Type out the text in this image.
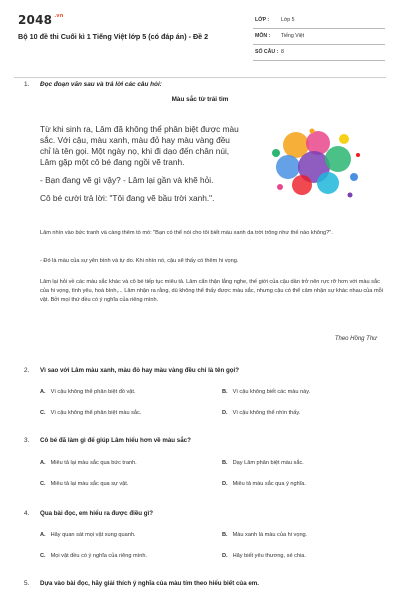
2048 $^{.vn}$
Bộ 10 đề thi Cuối kì 1 Tiếng Việt lớp 5 (có đáp án) - Đề 2
LỚP : Lớp 5
MÔN : Tiếng Việt
SỐ CÂU : 8
1. Đọc đoạn văn sau và trả lời các câu hỏi:
Màu sắc từ trái tim

Từ khi sinh ra, Lâm đã không thể phân biệt được màu sắc. Với cậu, màu xanh, màu đỏ hay màu vàng đều chỉ là tên gọi. Một ngày nọ, khi đi dạo đến chân núi, Lâm gặp một cô bé đang ngồi vẽ tranh.

- Bạn đang vẽ gì vậy? - Lâm lại gần và khẽ hỏi.

Cô bé cười trả lời: "Tôi đang vẽ bầu trời xanh.".

Lâm nhìn vào bức tranh và càng thêm tò mò: "Bạn có thể nói cho tôi biết màu xanh da trời trông như thế nào không?".
- Đó là màu của sự yên bình và tự do. Khi nhìn nó, cậu sẽ thấy có thêm hi vọng.
Lâm lại hỏi về các màu sắc khác và cô bé tiếp tục miêu tả. Lâm cẩn thận lắng nghe, thế giới của cậu dần trở nên rực rỡ hơn với màu sắc của hi vọng, tình yêu, hoà bình,... Lâm nhận ra rằng, dù không thể thấy được màu sắc, nhưng cậu có thể cảm nhận sự khác nhau của mỗi vật. Bởi mọi thứ đều có ý nghĩa của riêng mình.
Theo Hồng Thư
2. Vì sao với Lâm màu xanh, màu đỏ hay màu vàng đều chỉ là tên gọi?
A. Vì cậu không thể phân biệt đồ vật.	B. Vì cậu không biết các màu này.
C. Vì cậu không thể phân biệt màu sắc.	D. Vì cậu không thể nhìn thấy.
3. Cô bé đã làm gì để giúp Lâm hiểu hơn về màu sắc?
A. Miêu tả lại màu sắc qua bức tranh.	B. Dạy Lâm phân biệt màu sắc.
C. Miêu tả lại màu sắc qua sự vật.	D. Miêu tả màu sắc qua ý nghĩa.
4. Qua bài đọc, em hiểu ra được điều gì?
A. Hãy quan sát mọi vật xung quanh.	B. Màu xanh là màu của hi vọng.
C. Mọi vật đều có ý nghĩa của riêng mình.	D. Hãy biết yêu thương, sẻ chia.
5. Dựa vào bài đọc, hãy giải thích ý nghĩa của màu tím theo hiểu biết của em.
